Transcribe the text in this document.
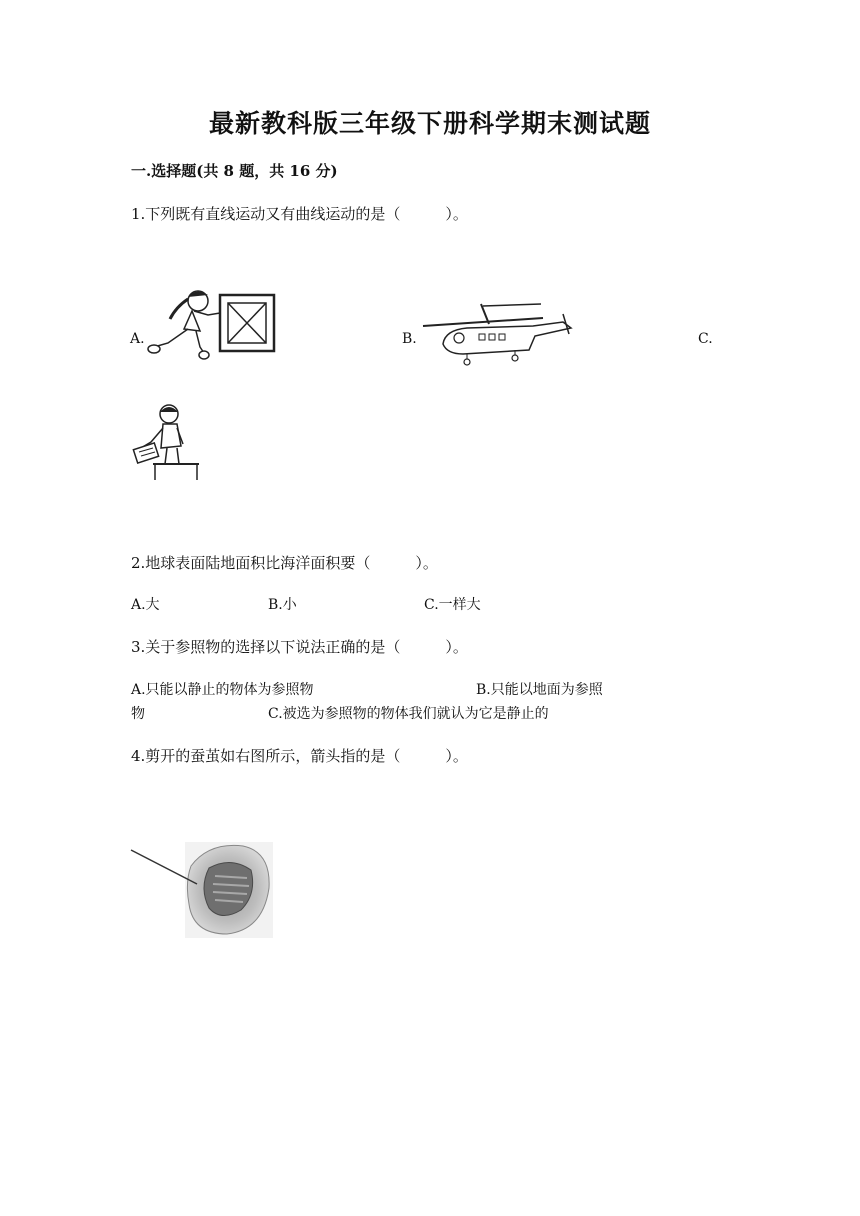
最新教科版三年级下册科学期末测试题
一.选择题(共 8 题，共 16 分)
1.下列既有直线运动又有曲线运动的是（　　　）。
A.	B.	C.
2.地球表面陆地面积比海洋面积要（　　　）。
A.大	B.小	C.一样大
3.关于参照物的选择以下说法正确的是（　　　）。
A.只能以静止的物体为参照物	B.只能以地面为参照
物	C.被选为参照物的物体我们就认为它是静止的
4.剪开的蚕茧如右图所示，箭头指的是（　　　）。
